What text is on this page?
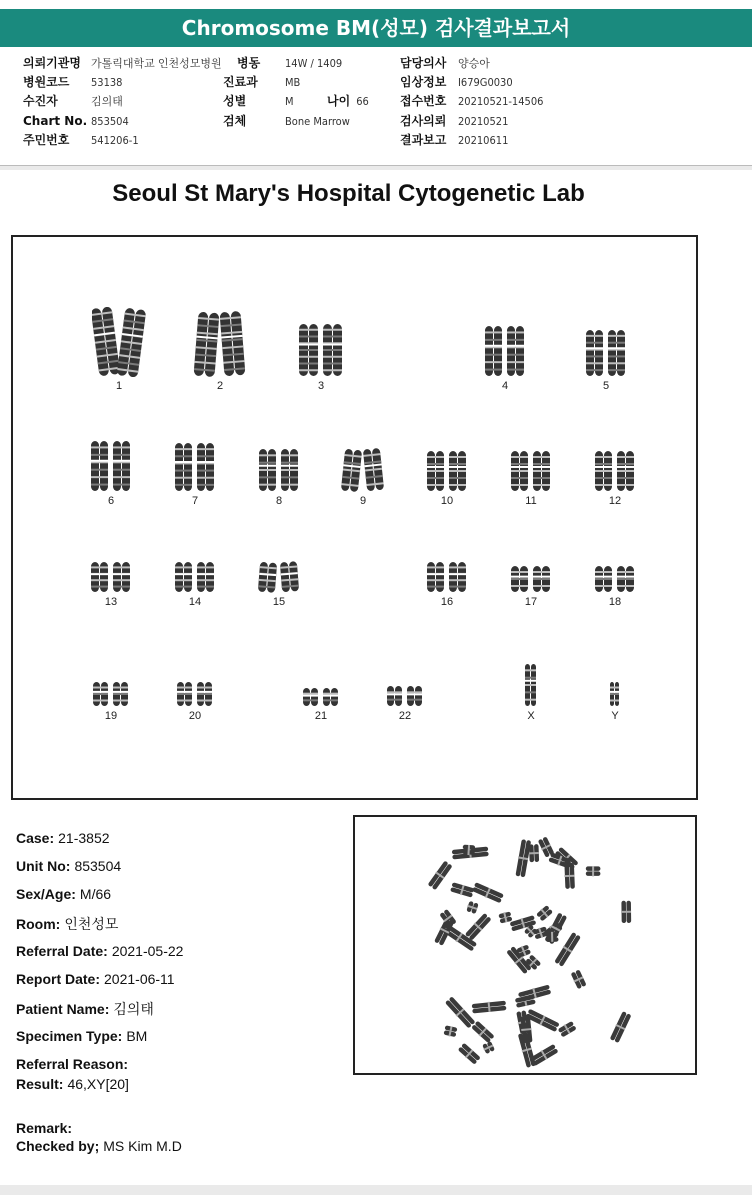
Chromosome BM(성모) 검사결과보고서
의뢰기관명 가톨릭대학교 인천성모병원
병원코드 53138
수진자	김의태
Chart No. 853504
주민번호 541206-1
병동 14W / 1409
진료과 MB
성별	M	나이 66
검체	Bone Marrow
담당의사 양승아
임상정보 I679G0030
접수번호 20210521-14506
검사의뢰 20210521
결과보고 20210611
Seoul St Mary's Hospital Cytogenetic Lab
1	2	3	4	5
6	7	8	9	10	11	12
13	14	15	16	17	18
19	20	21	22	X	Y
Case: 21-3852
Unit No: 853504
Sex/Age: M/66
Room: 인천성모
Referral Date: 2021-05-22
Report Date: 2021-06-11
Patient Name: 김의태
Specimen Type: BM
Referral Reason:
Result: 46,XY[20]
Remark:
Checked by; MS Kim M.D
